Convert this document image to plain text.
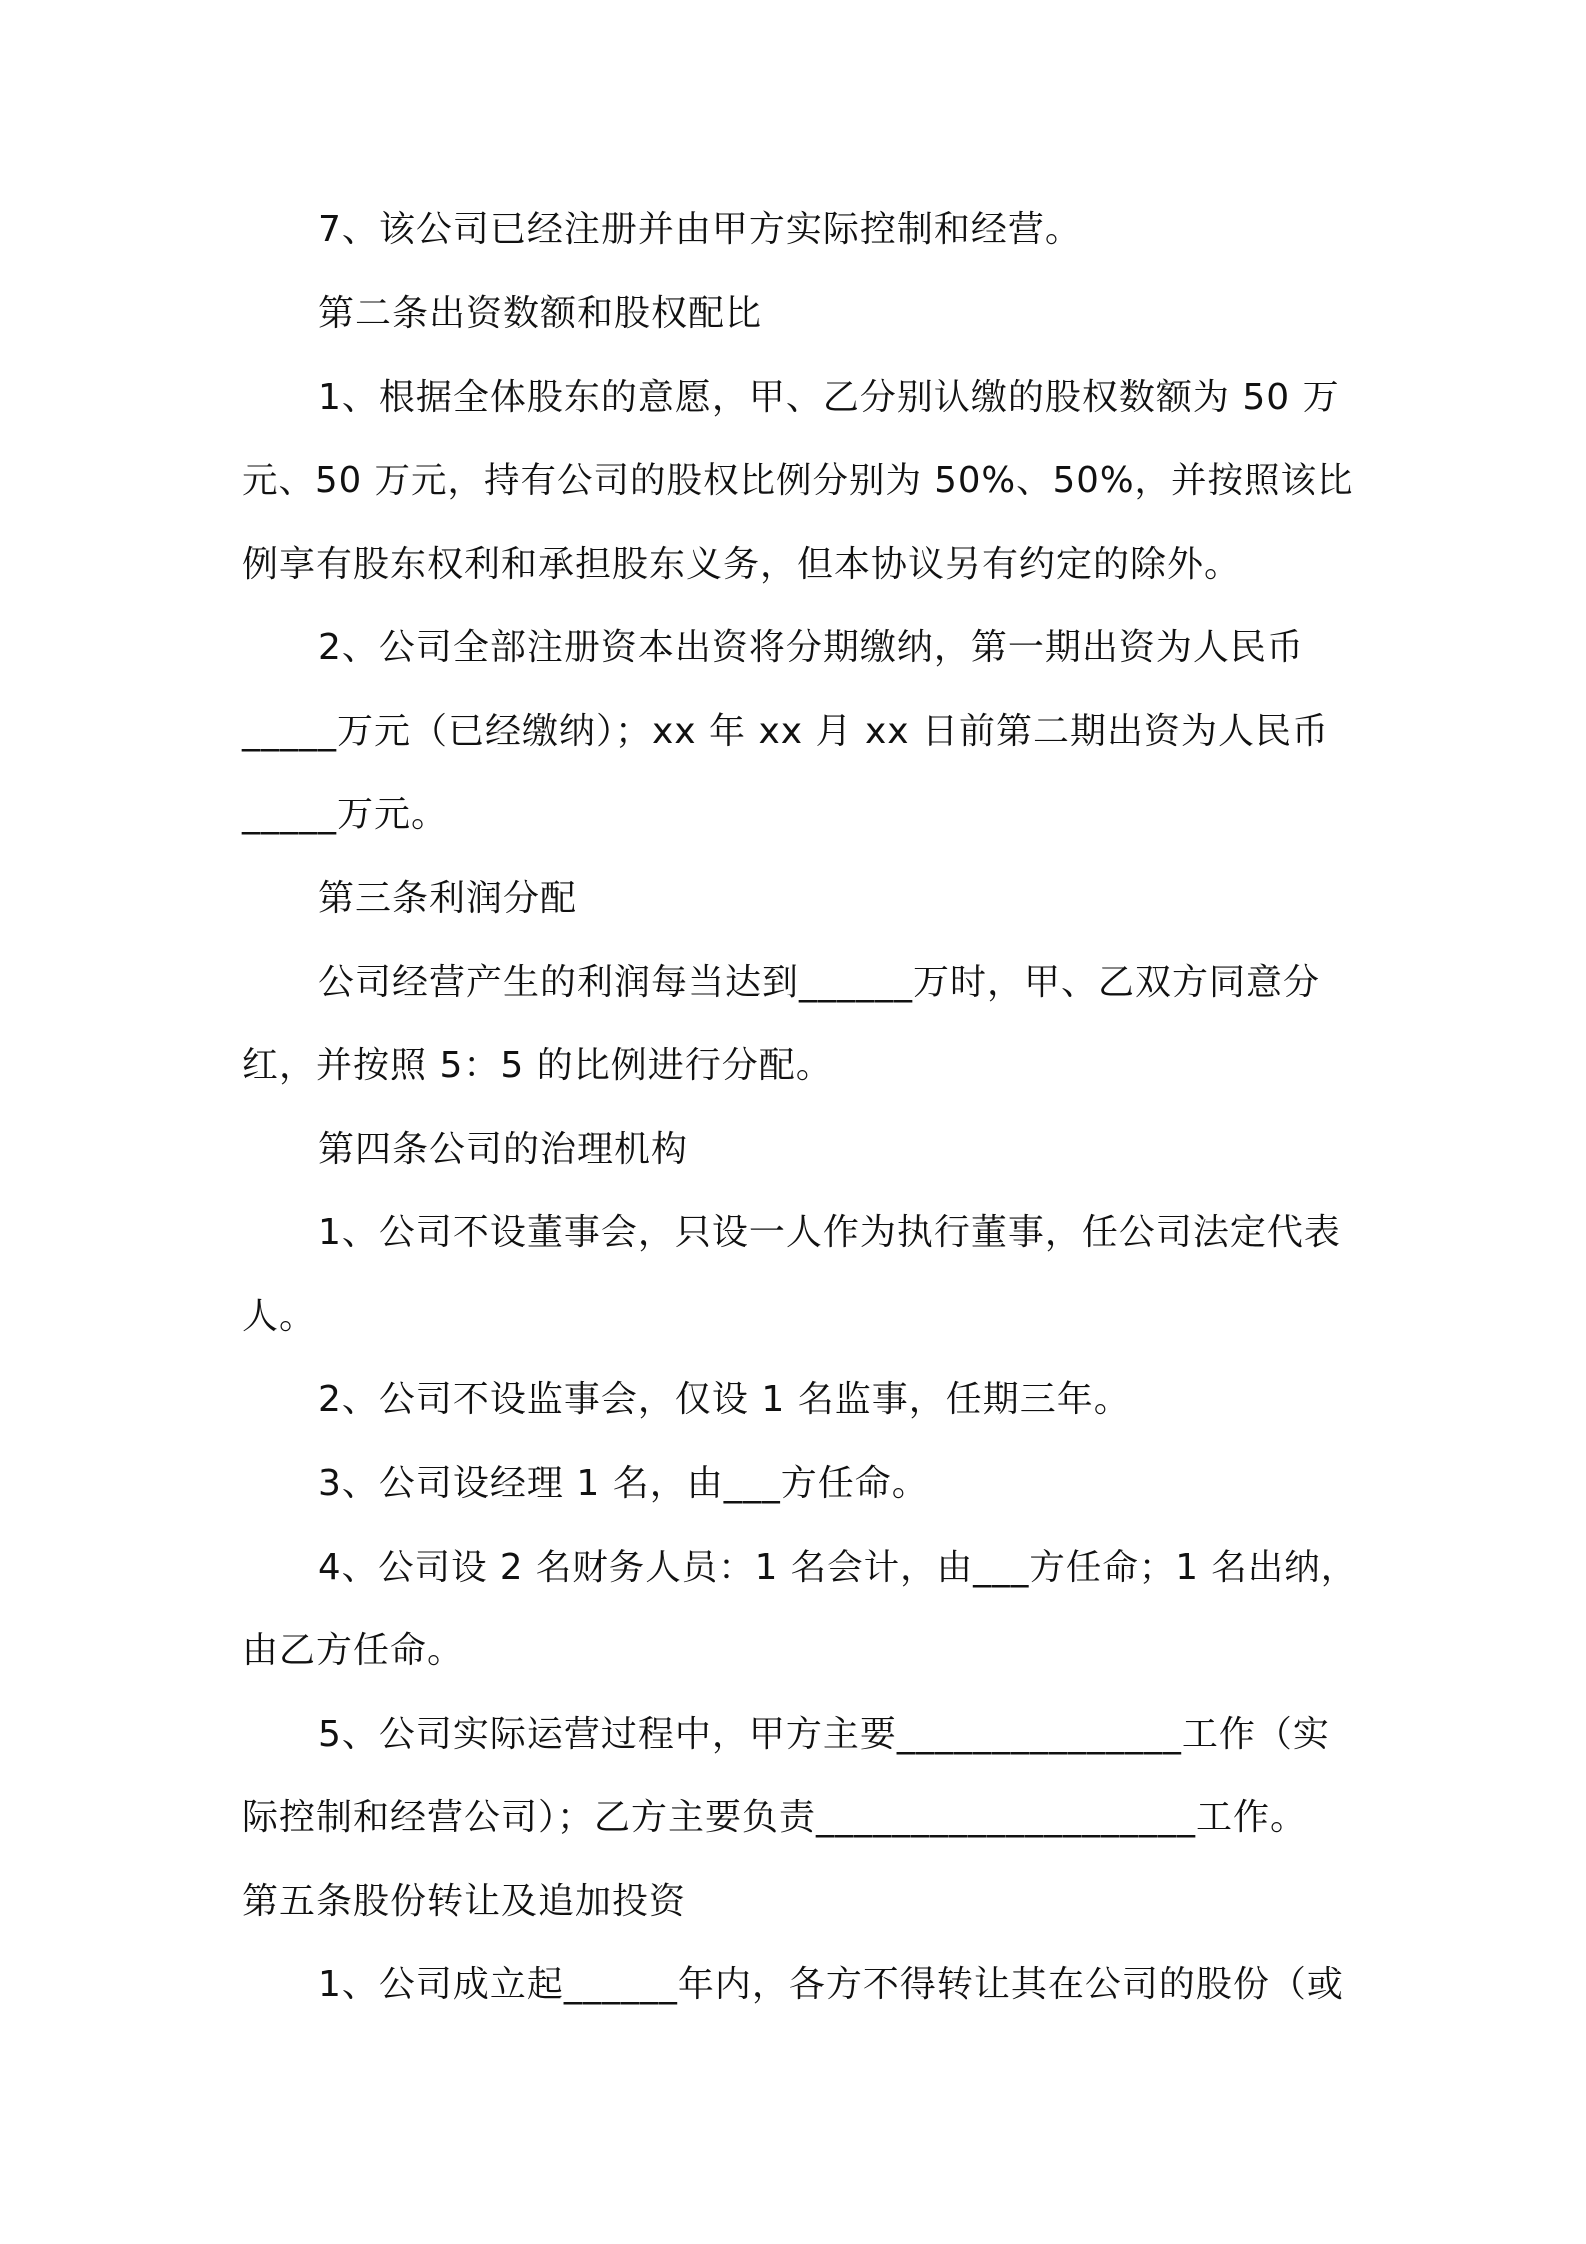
7、该公司已经注册并由甲方实际控制和经营。
第二条出资数额和股权配比
1、根据全体股东的意愿，甲、乙分别认缴的股权数额为 50 万
元、50 万元，持有公司的股权比例分别为 50%、50%，并按照该比
例享有股东权利和承担股东义务，但本协议另有约定的除外。
2、公司全部注册资本出资将分期缴纳，第一期出资为人民币
_____万元（已经缴纳）；xx 年 xx 月 xx 日前第二期出资为人民币
_____万元。
第三条利润分配
公司经营产生的利润每当达到______万时，甲、乙双方同意分
红，并按照 5：5 的比例进行分配。
第四条公司的治理机构
1、公司不设董事会，只设一人作为执行董事，任公司法定代表
人。
2、公司不设监事会，仅设 1 名监事，任期三年。
3、公司设经理 1 名，由___方任命。
4、公司设 2 名财务人员：1 名会计，由___方任命；1 名出纳，
由乙方任命。
5、公司实际运营过程中，甲方主要_______________工作（实
际控制和经营公司）；乙方主要负责____________________工作。
第五条股份转让及追加投资
1、公司成立起______年内，各方不得转让其在公司的股份（或
